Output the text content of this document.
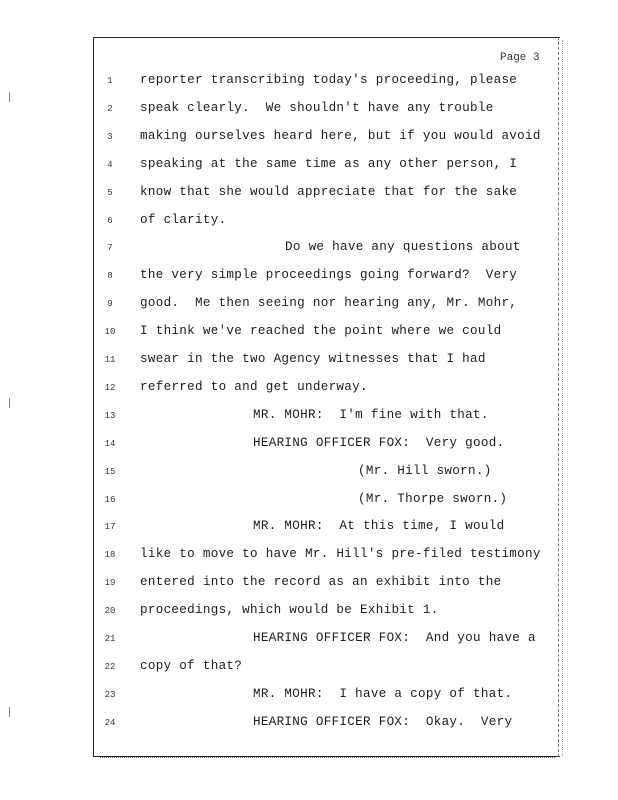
Page 3
1	reporter transcribing today's proceeding, please
2	speak clearly.  We shouldn't have any trouble
3	making ourselves heard here, but if you would avoid
4	speaking at the same time as any other person, I
5	know that she would appreciate that for the sake
6	of clarity.
7	Do we have any questions about
8	the very simple proceedings going forward?  Very
9	good.  Me then seeing nor hearing any, Mr. Mohr,
10	I think we've reached the point where we could
11	swear in the two Agency witnesses that I had
12	referred to and get underway.
13	MR. MOHR:  I'm fine with that.
14	HEARING OFFICER FOX:  Very good.
15	(Mr. Hill sworn.)
16	(Mr. Thorpe sworn.)
17	MR. MOHR:  At this time, I would
18	like to move to have Mr. Hill's pre-filed testimony
19	entered into the record as an exhibit into the
20	proceedings, which would be Exhibit 1.
21	HEARING OFFICER FOX:  And you have a
22	copy of that?
23	MR. MOHR:  I have a copy of that.
24	HEARING OFFICER FOX:  Okay.  Very
